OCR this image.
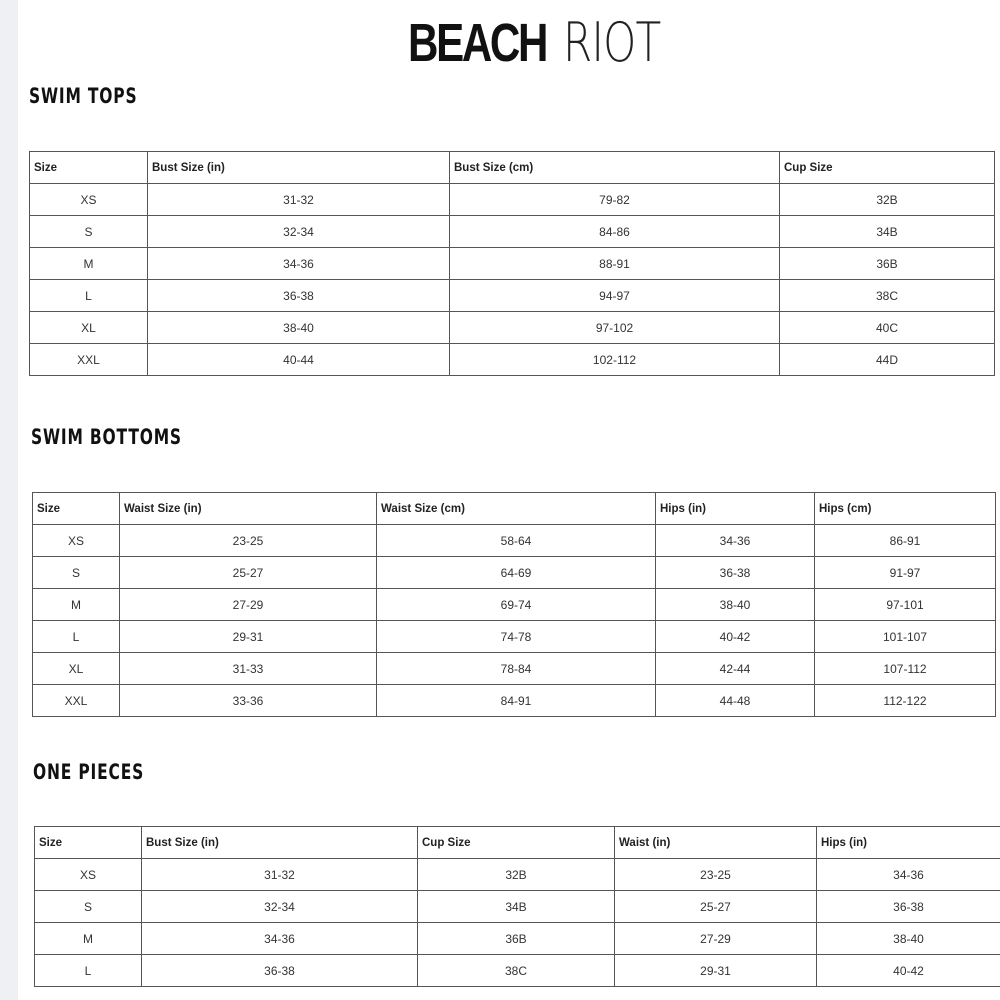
BEACH RIOT
SWIM TOPS
Size	Bust Size (in)	Bust Size (cm)	Cup Size
XS	31-32	79-82	32B
S	32-34	84-86	34B
M	34-36	88-91	36B
L	36-38	94-97	38C
XL	38-40	97-102	40C
XXL	40-44	102-112	44D
SWIM BOTTOMS
Size	Waist Size (in)	Waist Size (cm)	Hips (in)	Hips (cm)
XS	23-25	58-64	34-36	86-91
S	25-27	64-69	36-38	91-97
M	27-29	69-74	38-40	97-101
L	29-31	74-78	40-42	101-107
XL	31-33	78-84	42-44	107-112
XXL	33-36	84-91	44-48	112-122
ONE PIECES
Size	Bust Size (in)	Cup Size	Waist (in)	Hips (in)
XS	31-32	32B	23-25	34-36
S	32-34	34B	25-27	36-38
M	34-36	36B	27-29	38-40
L	36-38	38C	29-31	40-42
